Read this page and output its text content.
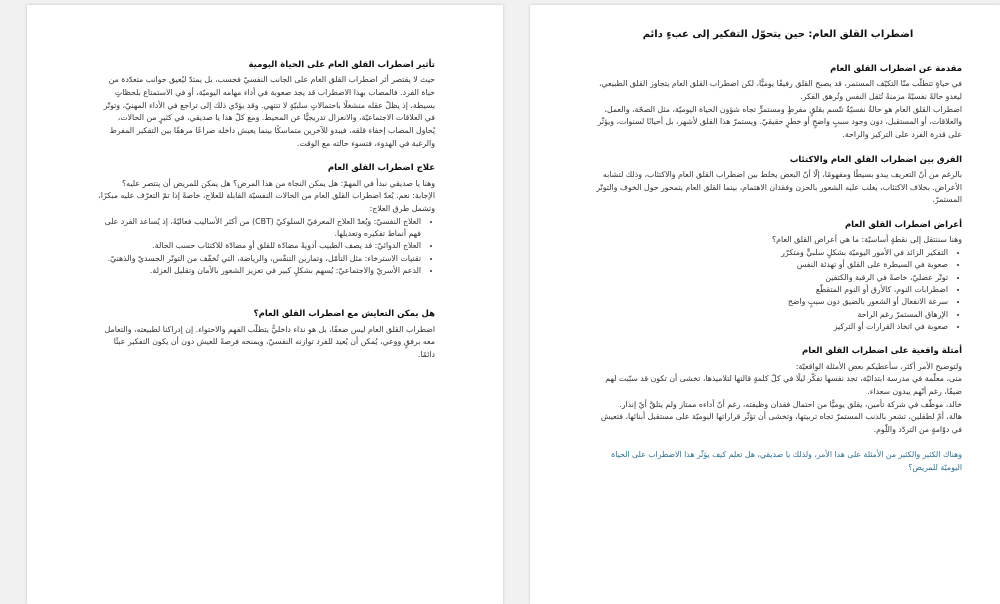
تأثير اضطراب القلق العام على الحياة اليومية

حيث لا يقتصر أثر اضطراب القلق العام على الجانب النفسيّ فحسب، بل يمتدّ ليُعيق جوانب متعدّدة من حياة الفرد. فالمصاب بهذا الاضطراب قد يجد صعوبة في أداء مهامه اليوميّة، أو في الاستمتاع بلحظاتٍ بسيطة، إذ يظلّ عقله منشغلًا باحتمالاتٍ سلبيّةٍ لا تنتهي. وقد يؤدّي ذلك إلى تراجع في الأداء المهنيّ، وتوتّر في العلاقات الاجتماعيّة، والانعزال تدريجيًّا عن المحيط. ومع كلّ هذا يا صديقي، في كثيرٍ من الحالات، يُحاول المصاب إخفاء قلقه، فيبدو للآخرين متماسكًا بينما يعيش داخله صراعًا مرهقًا بين التفكير المفرط والرغبة في الهدوء، فتسوء حالته مع الوقت.

علاج اضطراب القلق العام

وهنا يا صديقي نبدأ في المهمّ: هل يمكن النجاة من هذا المرض؟ هل يمكن للمريض أن ينتصر عليه؟

الإجابة: نعم. يُعدّ اضطراب القلق العام من الحالات النفسيّة القابلة للعلاج، خاصةً إذا تمّ التعرّف عليه مبكرًا، وتشمل طرق العلاج:

• العلاج النفسيّ: ويُعدّ العلاج المعرفيّ السلوكيّ (CBT) من أكثر الأساليب فعاليّةً، إذ يُساعد الفرد على فهم أنماط تفكيره وتعديلها.
• العلاج الدوائيّ: قد يصف الطبيب أدويةً مضادّة للقلق أو مضادّة للاكتئاب حسب الحالة.
• تقنيات الاسترخاء: مثل التأمّل، وتمارين التنفّس، والرياضة، التي تُخفّف من التوتّر الجسديّ والذهنيّ.
• الدعم الأسريّ والاجتماعيّ: يُسهم بشكلٍ كبير في تعزيز الشعور بالأمان وتقليل العزلة.
هل يمكن التعايش مع اضطراب القلق العام؟

اضطراب القلق العام ليس ضعفًا، بل هو نداء داخليٌّ يتطلّب الفهم والاحتواء. إن إدراكنا لطبيعته، والتعامل معه برفقٍ ووعي، يُمكن أن يُعيد للفرد توازنه النفسيّ، ويمنحه فرصةً للعيش دون أن يكون التفكير عبئًا دائمًا.

اضطراب القلق العام: حين يتحوّل التفكير إلى عبءٍ دائم
مقدمة عن اضطراب القلق العام

في حياةٍ تتطلّب منّا التكيّف المستمر، قد يصبح القلق رفيقًا يوميًّا، لكن اضطراب القلق العام يتجاوز القلق الطبيعي، ليغدو حالةً نفسيّةً مزمنةً تُثقل النفس وتُرهق الفكر.

اضطراب القلق العام هو حالةٌ نفسيّةٌ تتّسم بقلقٍ مفرطٍ ومستمرٍّ تجاه شؤون الحياة اليوميّة، مثل الصحّة، والعمل، والعلاقات، أو المستقبل، دون وجود سببٍ واضحٍ أو خطرٍ حقيقيّ. ويستمرّ هذا القلق لأشهر، بل أحيانًا لسنوات، ويؤثّر على قدرة الفرد على التركيز والراحة.

الفرق بين اضطراب القلق العام والاكتئاب

بالرغم من أنّ التعريف يبدو بسيطًا ومفهومًا، إلّا أنّ البعض يخلط بين اضطراب القلق العام والاكتئاب، وذلك لتشابه الأعراض. بخلاف الاكتئاب، يغلب عليه الشعور بالحزن وفقدان الاهتمام، بينما القلق العام يتمحور حول الخوف والتوتّر المستمرّ.

أعراض اضطراب القلق العام

وهنا سننتقل إلى نقطةٍ أساسيّة: ما هي أعراض القلق العام؟

• التفكير الزائد في الأمور اليوميّة بشكلٍ سلبيٍّ ومتكرّر
• صعوبة في السيطرة على القلق أو تهدئة النفس
• توتّر عضليّ، خاصةً في الرقبة والكتفين
• اضطرابات النوم، كالأرق أو النوم المتقطّع
• سرعة الانفعال أو الشعور بالضيق دون سببٍ واضح
• الإرهاق المستمرّ رغم الراحة
• صعوبة في اتخاذ القرارات أو التركيز
أمثلة واقعية على اضطراب القلق العام

ولتوضيح الأمر أكثر، سأعطيكم بعض الأمثلة الواقعيّة:

منى، معلّمة في مدرسة ابتدائيّة، تجد نفسها تفكّر ليلًا في كلّ كلمةٍ قالتها لتلاميذها، تخشى أن تكون قد سبّبت لهم ضيقًا، رغم أنّهم يبدون سعداء.

خالد، موظّف في شركة تأمين، يقلق يوميًّا من احتمال فقدان وظيفته، رغم أنّ أداءه ممتاز ولم يتلقَّ أيّ إنذار.

هالة، أمّ لطفلين، تشعر بالذنب المستمرّ تجاه تربيتها، وتخشى أن تؤثّر قراراتها اليوميّة على مستقبل أبنائها، فتعيش في دوّامةٍ من التردّد واللّوم.

وهناك الكثير والكثير من الأمثلة على هذا الأمر، ولذلك يا صديقي، هل تعلم كيف يؤثّر هذا الاضطراب على الحياة اليوميّة للمريض؟
